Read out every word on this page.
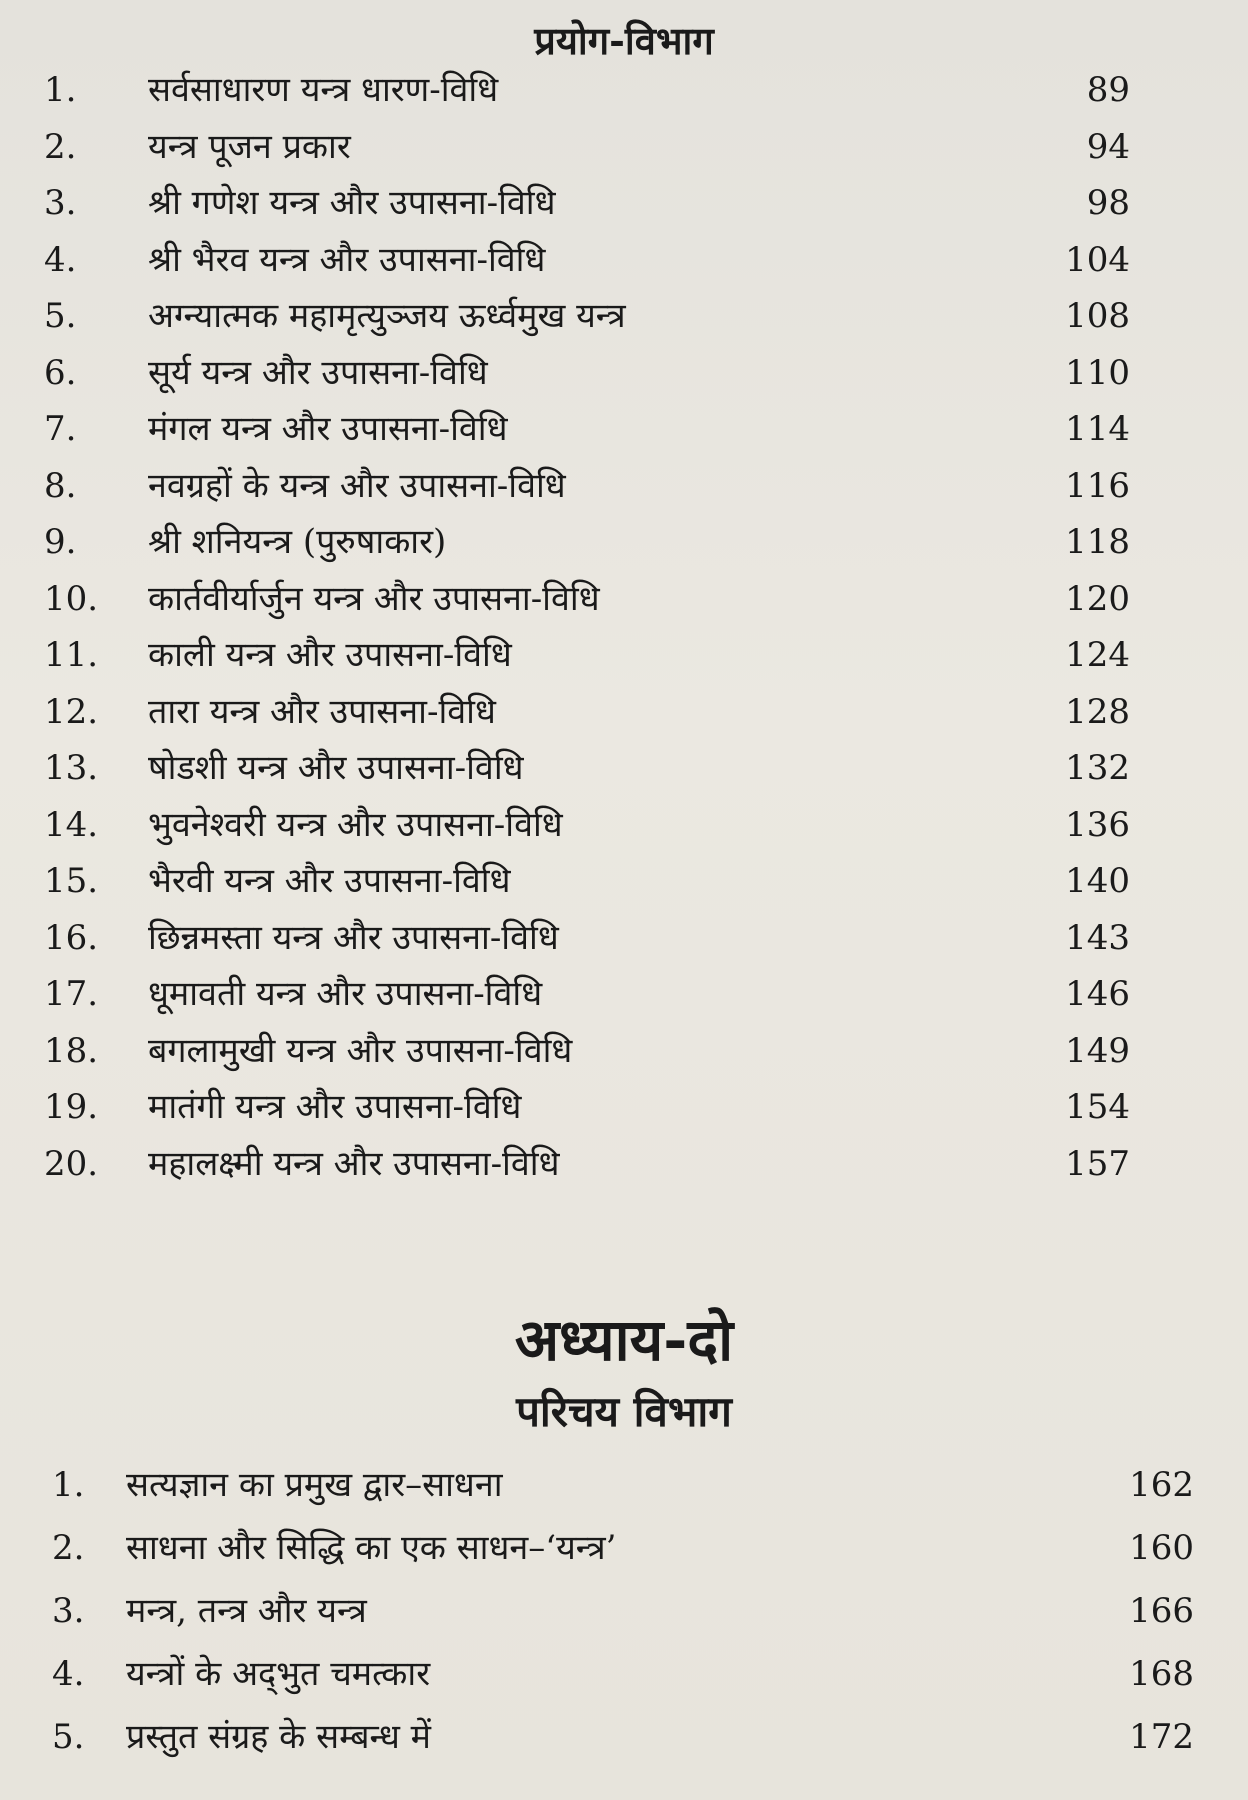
प्रयोग-विभाग
1. सर्वसाधारण यन्त्र धारण-विधि	89
2. यन्त्र पूजन प्रकार	94
3. श्री गणेश यन्त्र और उपासना-विधि	98
4. श्री भैरव यन्त्र और उपासना-विधि	104
5. अग्न्यात्मक महामृत्युञ्जय ऊर्ध्वमुख यन्त्र	108
6. सूर्य यन्त्र और उपासना-विधि	110
7. मंगल यन्त्र और उपासना-विधि	114
8. नवग्रहों के यन्त्र और उपासना-विधि	116
9. श्री शनियन्त्र (पुरुषाकार)	118
10. कार्तवीर्यार्जुन यन्त्र और उपासना-विधि	120
11. काली यन्त्र और उपासना-विधि	124
12. तारा यन्त्र और उपासना-विधि	128
13. षोडशी यन्त्र और उपासना-विधि	132
14. भुवनेश्वरी यन्त्र और उपासना-विधि	136
15. भैरवी यन्त्र और उपासना-विधि	140
16. छिन्नमस्ता यन्त्र और उपासना-विधि	143
17. धूमावती यन्त्र और उपासना-विधि	146
18. बगलामुखी यन्त्र और उपासना-विधि	149
19. मातंगी यन्त्र और उपासना-विधि	154
20. महालक्ष्मी यन्त्र और उपासना-विधि	157
अध्याय-दो
परिचय विभाग
1. सत्यज्ञान का प्रमुख द्वार–साधना	162
2. साधना और सिद्धि का एक साधन–‘यन्त्र’	160
3. मन्त्र, तन्त्र और यन्त्र	166
4. यन्त्रों के अद्‌भुत चमत्कार	168
5. प्रस्तुत संग्रह के सम्बन्ध में	172
